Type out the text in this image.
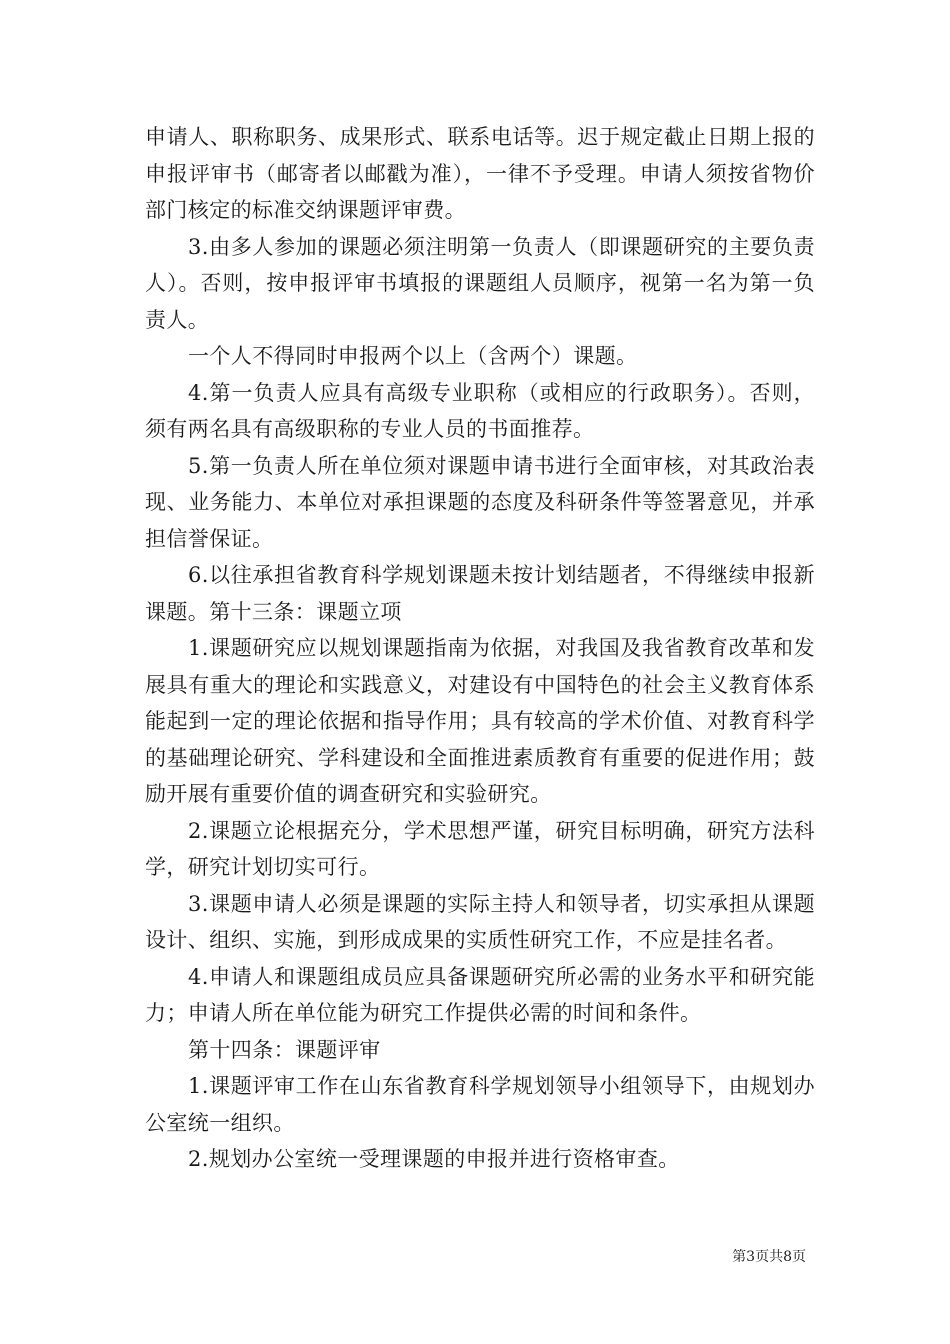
申请人、职称职务、成果形式、联系电话等。迟于规定截止日期上报的申报评审书（邮寄者以邮戳为准），一律不予受理。申请人须按省物价部门核定的标准交纳课题评审费。

3.由多人参加的课题必须注明第一负责人（即课题研究的主要负责人）。否则，按申报评审书填报的课题组人员顺序，视第一名为第一负责人。

一个人不得同时申报两个以上（含两个）课题。

4.第一负责人应具有高级专业职称（或相应的行政职务）。否则，须有两名具有高级职称的专业人员的书面推荐。

5.第一负责人所在单位须对课题申请书进行全面审核，对其政治表现、业务能力、本单位对承担课题的态度及科研条件等签署意见，并承担信誉保证。

6.以往承担省教育科学规划课题未按计划结题者，不得继续申报新课题。第十三条：课题立项

1.课题研究应以规划课题指南为依据，对我国及我省教育改革和发展具有重大的理论和实践意义，对建设有中国特色的社会主义教育体系能起到一定的理论依据和指导作用；具有较高的学术价值、对教育科学的基础理论研究、学科建设和全面推进素质教育有重要的促进作用；鼓励开展有重要价值的调查研究和实验研究。

2.课题立论根据充分，学术思想严谨，研究目标明确，研究方法科学，研究计划切实可行。

3.课题申请人必须是课题的实际主持人和领导者，切实承担从课题设计、组织、实施，到形成成果的实质性研究工作，不应是挂名者。

4.申请人和课题组成员应具备课题研究所必需的业务水平和研究能力；申请人所在单位能为研究工作提供必需的时间和条件。

第十四条：课题评审

1.课题评审工作在山东省教育科学规划领导小组领导下，由规划办公室统一组织。

2.规划办公室统一受理课题的申报并进行资格审查。

第3页共8页
